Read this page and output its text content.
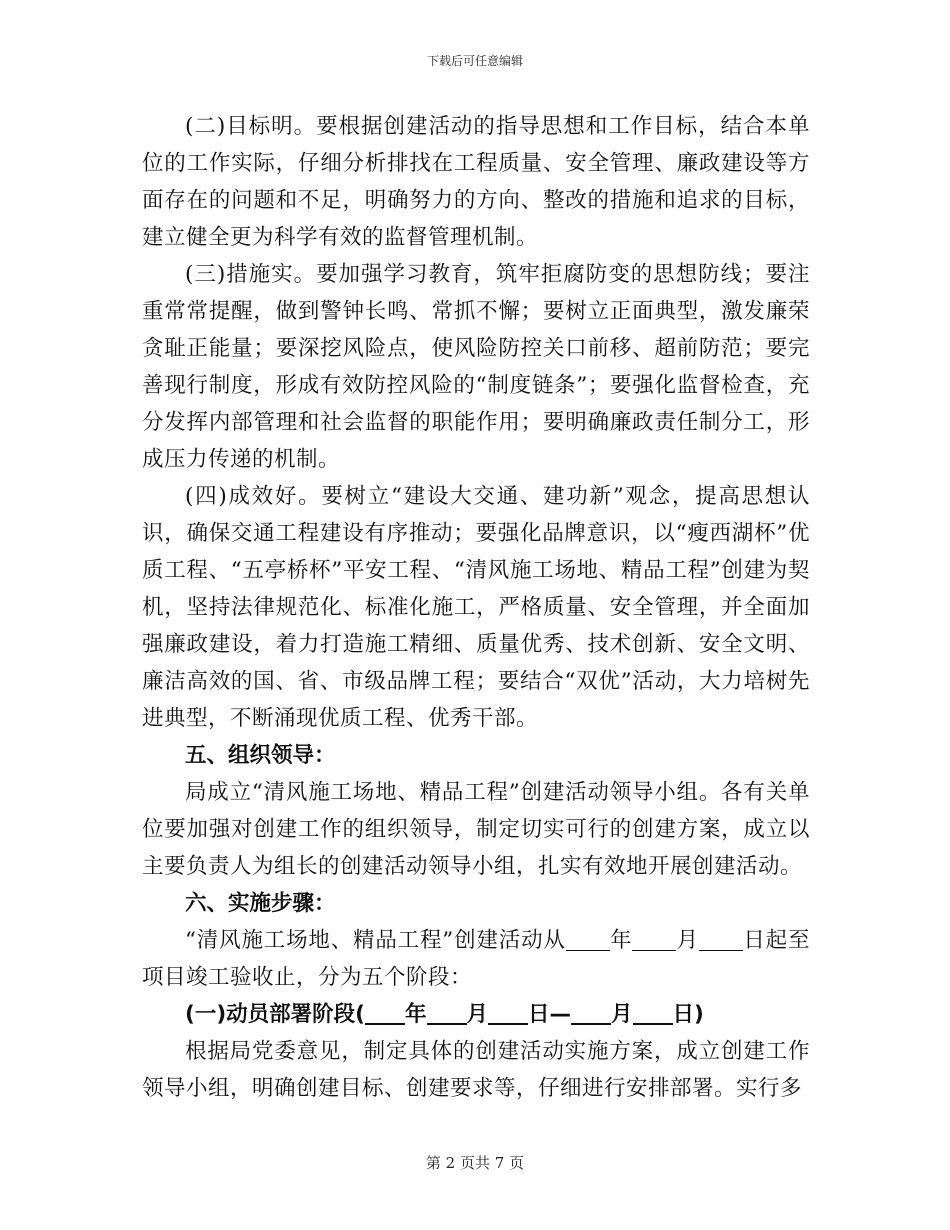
下载后可任意编辑

(二)目标明。要根据创建活动的指导思想和工作目标，结合本单位的工作实际，仔细分析排找在工程质量、安全管理、廉政建设等方面存在的问题和不足，明确努力的方向、整改的措施和追求的目标，建立健全更为科学有效的监督管理机制。

(三)措施实。要加强学习教育，筑牢拒腐防变的思想防线；要注重常常提醒，做到警钟长鸣、常抓不懈；要树立正面典型，激发廉荣贪耻正能量；要深挖风险点，使风险防控关口前移、超前防范；要完善现行制度，形成有效防控风险的“制度链条”；要强化监督检查，充分发挥内部管理和社会监督的职能作用；要明确廉政责任制分工，形成压力传递的机制。

(四)成效好。要树立“建设大交通、建功新”观念，提高思想认识，确保交通工程建设有序推动；要强化品牌意识，以“瘦西湖杯”优质工程、“五亭桥杯”平安工程、“清风施工场地、精品工程”创建为契机，坚持法律规范化、标准化施工，严格质量、安全管理，并全面加强廉政建设，着力打造施工精细、质量优秀、技术创新、安全文明、廉洁高效的国、省、市级品牌工程；要结合“双优”活动，大力培树先进典型，不断涌现优质工程、优秀干部。

五、组织领导：

局成立“清风施工场地、精品工程”创建活动领导小组。各有关单位要加强对创建工作的组织领导，制定切实可行的创建方案，成立以主要负责人为组长的创建活动领导小组，扎实有效地开展创建活动。

六、实施步骤：

“清风施工场地、精品工程”创建活动从 年 月 日起至项目竣工验收止，分为五个阶段：

(一)动员部署阶段( 年 月 日— 月 日)

根据局党委意见，制定具体的创建活动实施方案，成立创建工作领导小组，明确创建目标、创建要求等，仔细进行安排部署。实行多

第 2 页共 7 页
